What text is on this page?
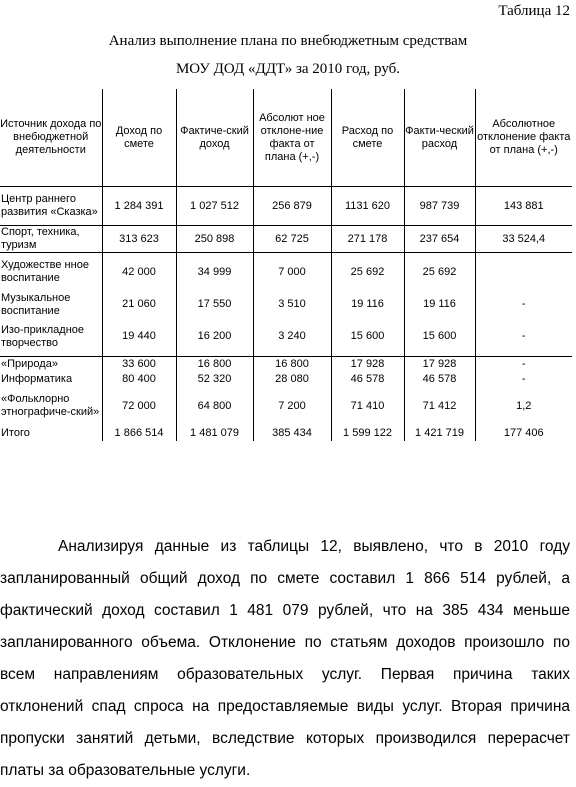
Таблица 12
Анализ выполнение плана по внебюджетным средствам
МОУ ДОД «ДДТ» за 2010 год, руб.
Источник дохода по внебюджетной деятельности	Доход по смете	Фактиче-ский доход	Абсолют ное отклоне-ние факта от плана (+,-)	Расход по смете	Факти-ческий расход	Абсолютное отклонение факта от плана (+,-)
Центр раннего развития «Сказка»	1 284 391	1 027 512	256 879	1131 620	987 739	143 881
Спорт, техника, туризм	313 623	250 898	62 725	271 178	237 654	33 524,4
Художестве нное воспитание	42 000	34 999	7 000	25 692	25 692	
Музыкальное воспитание	21 060	17 550	3 510	19 116	19 116	-
Изо-прикладное творчество	19 440	16 200	3 240	15 600	15 600	-
«Природа»	33 600	16 800	16 800	17 928	17 928	-
Информатика	80 400	52 320	28 080	46 578	46 578	-
«Фольклорно этнографиче-ский»	72 000	64 800	7 200	71 410	71 412	1,2
Итого	1 866 514	1 481 079	385 434	1 599 122	1 421 719	177 406
Анализируя данные из таблицы 12, выявлено, что в 2010 году запланированный общий доход по смете составил 1 866 514 рублей, а фактический доход составил 1 481 079 рублей, что на 385 434 меньше запланированного объема. Отклонение по статьям доходов произошло по всем направлениям образовательных услуг. Первая причина таких отклонений спад спроса на предоставляемые виды услуг. Вторая причина пропуски занятий детьми, вследствие которых производился перерасчет платы за образовательные услуги.
